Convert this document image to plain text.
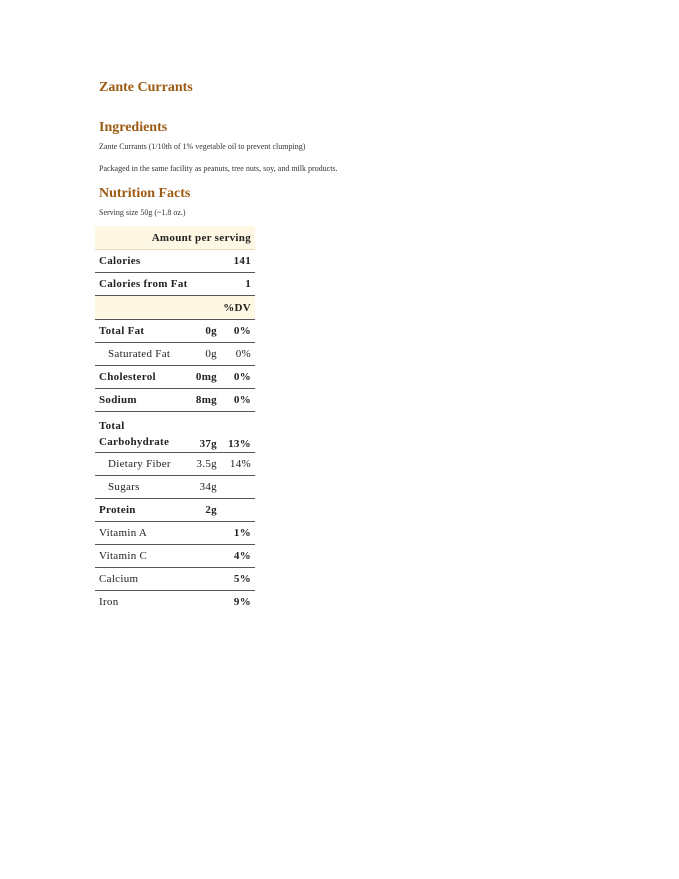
Zante Currants
Ingredients

Zante Currants (1/10th of 1% vegetable oil to prevent clumping)

Packaged in the same facility as peanuts, tree nuts, soy, and milk products.

Nutrition Facts

Serving size 50g (~1.8 oz.)

Amount per serving		
Calories		141
Calories from Fat		1
%DV		
Total Fat	0g	0%
Saturated Fat	0g	0%
Cholesterol	0mg	0%
Sodium	8mg	0%
Total Carbohydrate	37g	13%
Dietary Fiber	3.5g	14%
Sugars	34g	
Protein	2g	
Vitamin A		1%
Vitamin C		4%
Calcium		5%
Iron		9%
